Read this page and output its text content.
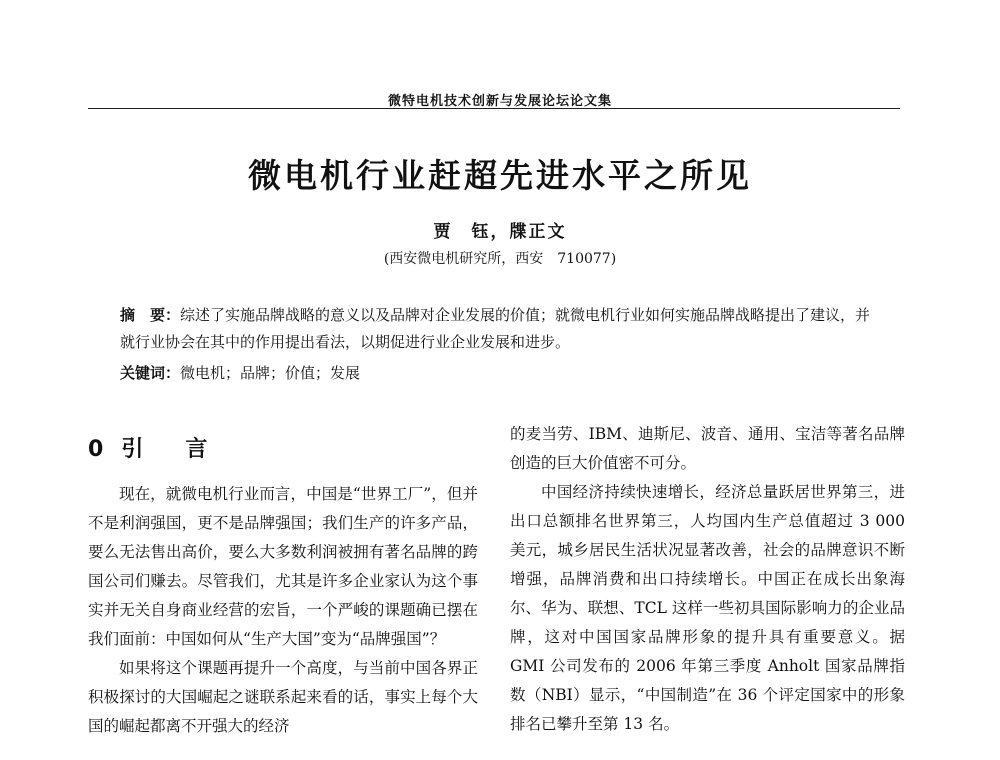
微特电机技术创新与发展论坛论文集
微电机行业赶超先进水平之所见
贾　钰，牒正文
(西安微电机研究所，西安　710077)
摘　要：综述了实施品牌战略的意义以及品牌对企业发展的价值；就微电机行业如何实施品牌战略提出了建议，并就行业协会在其中的作用提出看法，以期促进行业企业发展和进步。
关键词：微电机；品牌；价值；发展
0 引　言

现在，就微电机行业而言，中国是“世界工厂”，但并不是利润强国，更不是品牌强国；我们生产的许多产品，要么无法售出高价，要么大多数利润被拥有著名品牌的跨国公司们赚去。尽管我们，尤其是许多企业家认为这个事实并无关自身商业经营的宏旨，一个严峻的课题确已摆在我们面前：中国如何从“生产大国”变为“品牌强国”？

如果将这个课题再提升一个高度，与当前中国各界正积极探讨的大国崛起之谜联系起来看的话，事实上每个大国的崛起都离不开强大的经济

的麦当劳、IBM、迪斯尼、波音、通用、宝洁等著名品牌创造的巨大价值密不可分。

中国经济持续快速增长，经济总量跃居世界第三，进出口总额排名世界第三，人均国内生产总值超过 3 000 美元，城乡居民生活状况显著改善，社会的品牌意识不断增强，品牌消费和出口持续增长。中国正在成长出象海尔、华为、联想、TCL 这样一些初具国际影响力的企业品牌，这对中国国家品牌形象的提升具有重要意义。据 GMI 公司发布的 2006 年第三季度 Anholt 国家品牌指数（NBI）显示，“中国制造”在 36 个评定国家中的形象排名已攀升至第 13 名。
